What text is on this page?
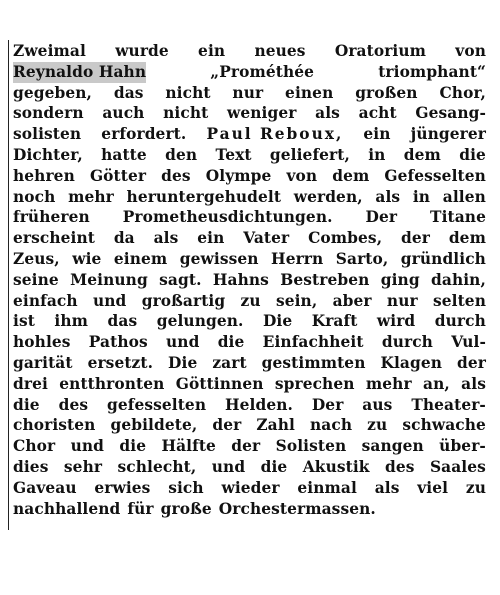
Zweimal wurde ein neues Oratorium von
Reynaldo Hahn	„Prométhée	triomphant“
gegeben, das nicht nur einen großen Chor,
sondern auch nicht weniger als acht Gesang-
solisten erfordert. Paul Reboux, ein jüngerer
Dichter, hatte den Text geliefert, in dem die
hehren Götter des Olympe von dem Gefesselten
noch mehr heruntergehudelt werden, als in allen
früheren Prometheusdichtungen. Der Titane
erscheint da als ein Vater Combes, der dem
Zeus, wie einem gewissen Herrn Sarto, gründlich
seine Meinung sagt. Hahns Bestreben ging dahin,
einfach und großartig zu sein, aber nur selten
ist ihm das gelungen. Die Kraft wird durch
hohles Pathos und die Einfachheit durch Vul-
garität ersetzt. Die zart gestimmten Klagen der
drei entthronten Göttinnen sprechen mehr an, als
die des gefesselten Helden. Der aus Theater-
choristen gebildete, der Zahl nach zu schwache
Chor und die Hälfte der Solisten sangen über-
dies sehr schlecht, und die Akustik des Saales
Gaveau erwies sich wieder einmal als viel zu
nachhallend für große Orchestermassen.
